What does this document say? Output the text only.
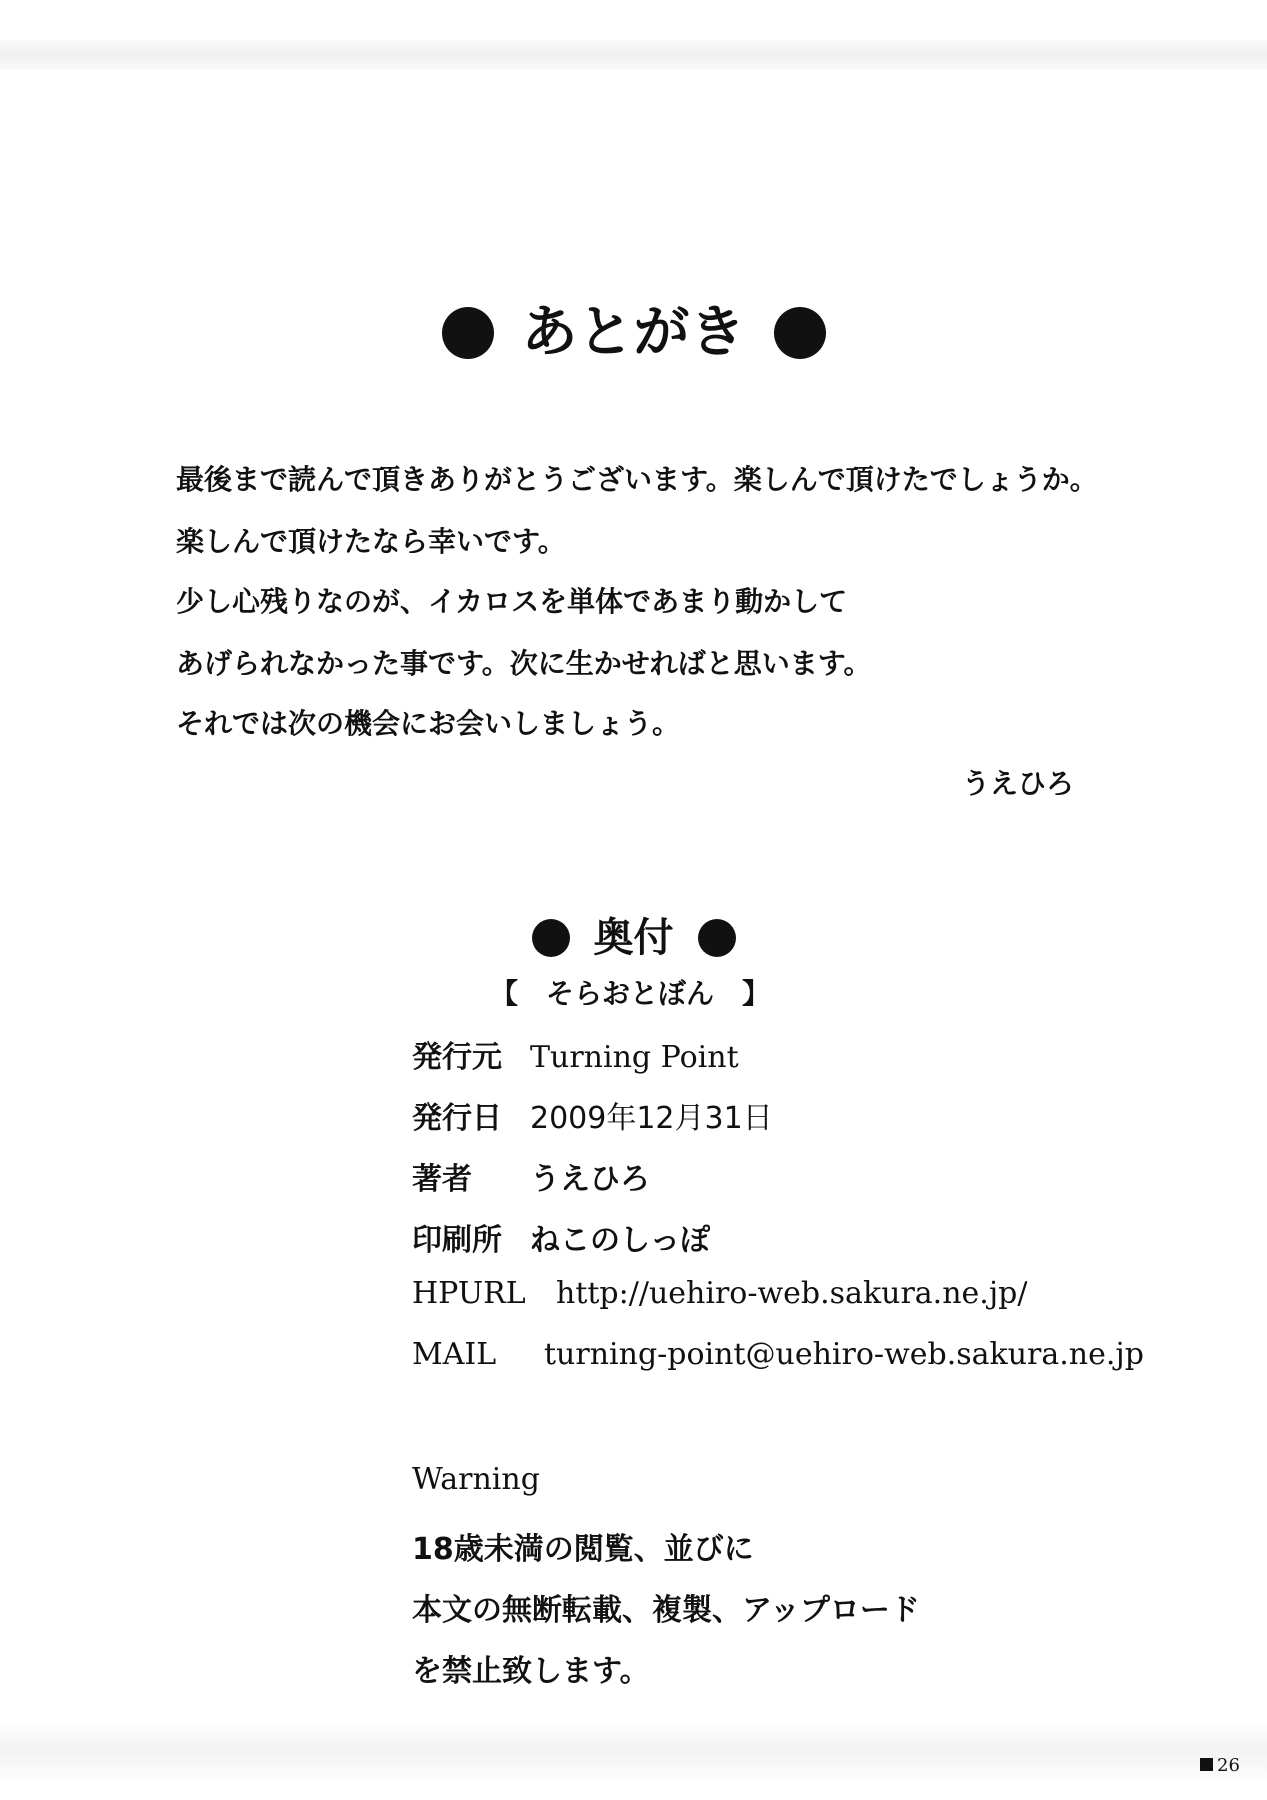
あとがき
最後まで読んで頂きありがとうございます。楽しんで頂けたでしょうか。
楽しんで頂けたなら幸いです。
少し心残りなのが、イカロスを単体であまり動かして
あげられなかった事です。次に生かせればと思います。
それでは次の機会にお会いしましょう。
うえひろ
奥付
【　そらおとぼん　】
発行元 Turning Point
発行日 2009年12月31日
著者 うえひろ
印刷所 ねこのしっぽ
HPURL http://uehiro-web.sakura.ne.jp/
MAIL turning-point@uehiro-web.sakura.ne.jp
Warning
18歳未満の閲覧、並びに
本文の無断転載、複製、アップロード
を禁止致します。
26
